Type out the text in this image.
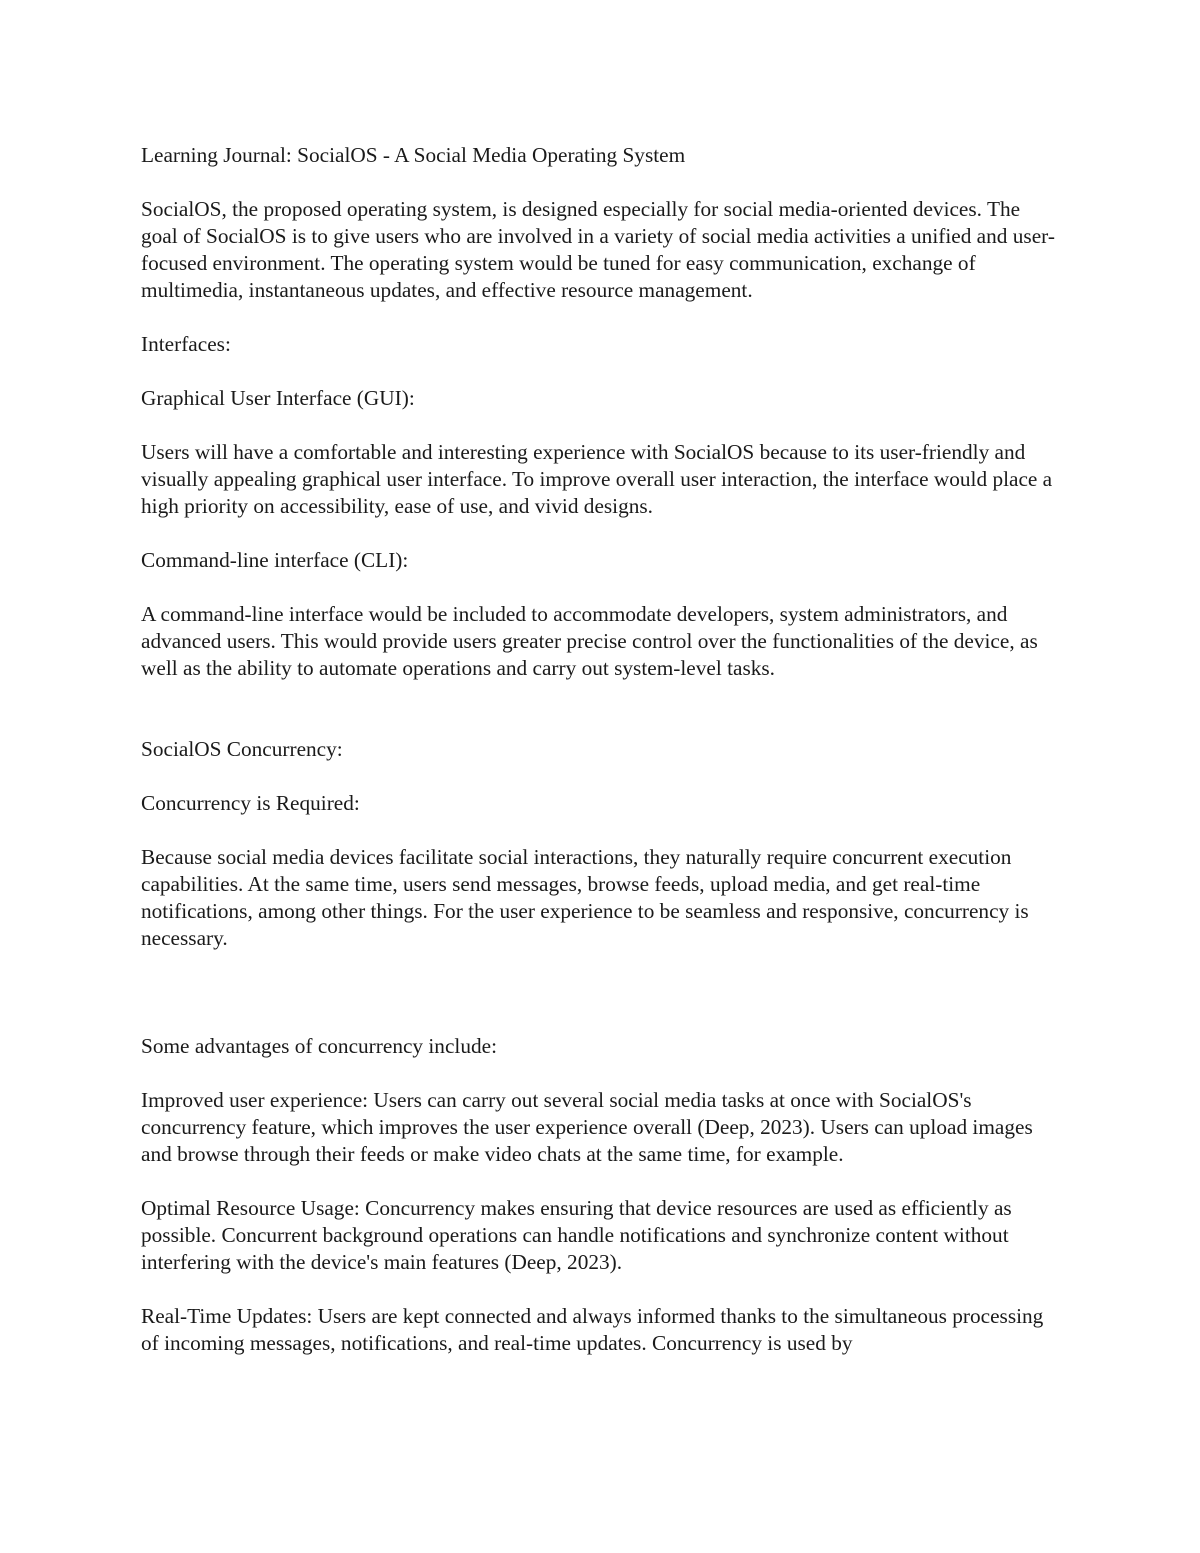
Learning Journal: SocialOS - A Social Media Operating System

SocialOS, the proposed operating system, is designed especially for social media-oriented devices. The goal of SocialOS is to give users who are involved in a variety of social media activities a unified and user-focused environment. The operating system would be tuned for easy communication, exchange of multimedia, instantaneous updates, and effective resource management.

Interfaces:

Graphical User Interface (GUI):

Users will have a comfortable and interesting experience with SocialOS because to its user-friendly and visually appealing graphical user interface. To improve overall user interaction, the interface would place a high priority on accessibility, ease of use, and vivid designs.

Command-line interface (CLI):

A command-line interface would be included to accommodate developers, system administrators, and advanced users. This would provide users greater precise control over the functionalities of the device, as well as the ability to automate operations and carry out system-level tasks.

SocialOS Concurrency:

Concurrency is Required:

Because social media devices facilitate social interactions, they naturally require concurrent execution capabilities. At the same time, users send messages, browse feeds, upload media, and get real-time notifications, among other things. For the user experience to be seamless and responsive, concurrency is necessary.

Some advantages of concurrency include:

Improved user experience: Users can carry out several social media tasks at once with SocialOS's concurrency feature, which improves the user experience overall (Deep, 2023). Users can upload images and browse through their feeds or make video chats at the same time, for example.

Optimal Resource Usage: Concurrency makes ensuring that device resources are used as efficiently as possible. Concurrent background operations can handle notifications and synchronize content without interfering with the device's main features (Deep, 2023).

Real-Time Updates: Users are kept connected and always informed thanks to the simultaneous processing of incoming messages, notifications, and real-time updates. Concurrency is used by
